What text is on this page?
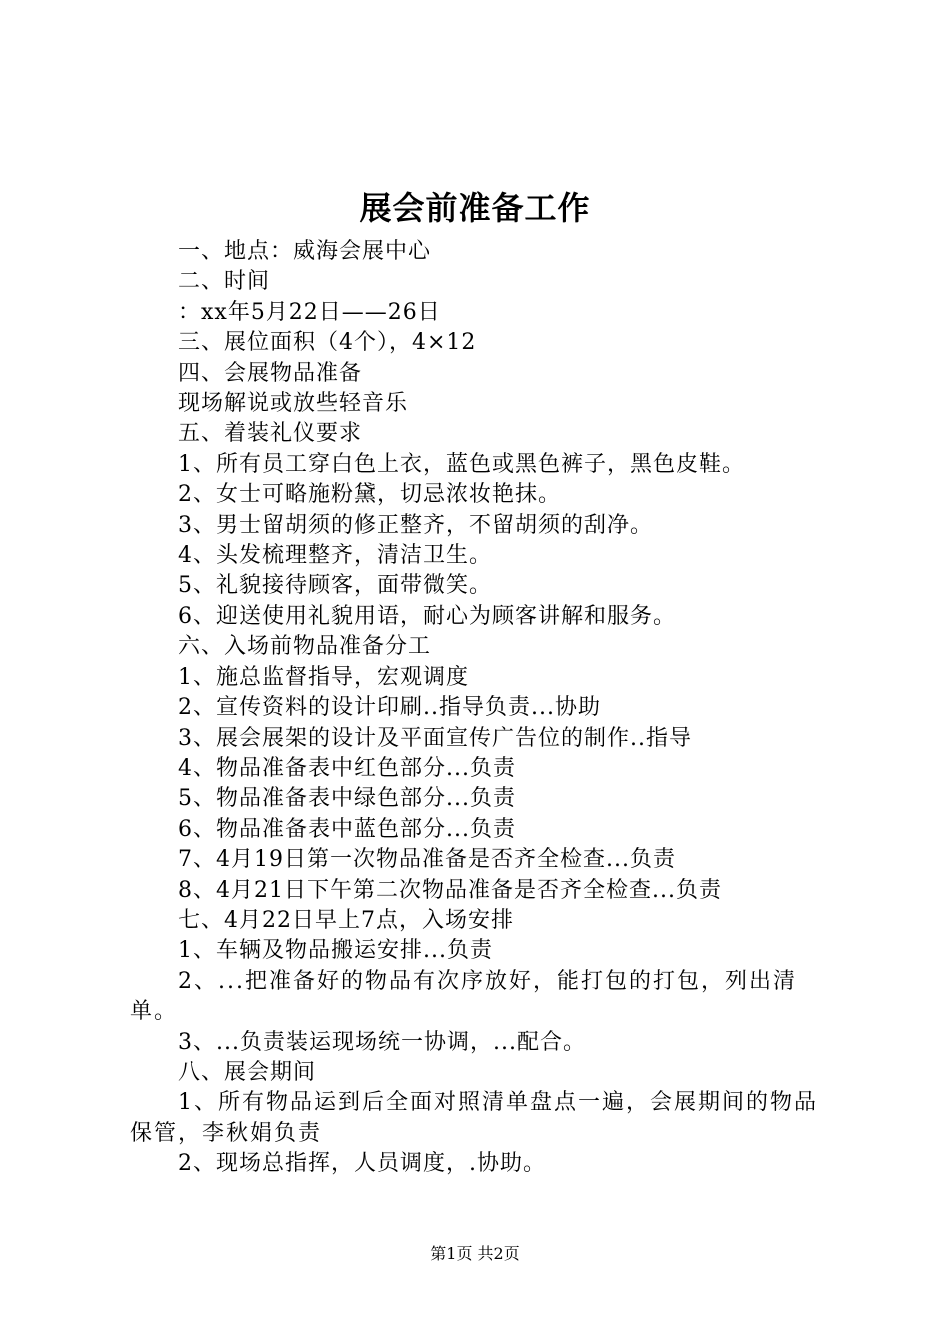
展会前准备工作
一、地点：威海会展中心
二、时间
：xx年5月22日——26日
三、展位面积（4个），4×12
四、会展物品准备
现场解说或放些轻音乐
五、着装礼仪要求
1、所有员工穿白色上衣，蓝色或黑色裤子，黑色皮鞋。
2、女士可略施粉黛，切忌浓妆艳抹。
3、男士留胡须的修正整齐，不留胡须的刮净。
4、头发梳理整齐，清洁卫生。
5、礼貌接待顾客，面带微笑。
6、迎送使用礼貌用语，耐心为顾客讲解和服务。
六、入场前物品准备分工
1、施总监督指导，宏观调度
2、宣传资料的设计印刷..指导负责...协助
3、展会展架的设计及平面宣传广告位的制作..指导
4、物品准备表中红色部分...负责
5、物品准备表中绿色部分...负责
6、物品准备表中蓝色部分...负责
7、4月19日第一次物品准备是否齐全检查...负责
8、4月21日下午第二次物品准备是否齐全检查...负责
七、4月22日早上7点，入场安排
1、车辆及物品搬运安排...负责
2、...把准备好的物品有次序放好，能打包的打包，列出清单。
3、...负责装运现场统一协调，...配合。
八、展会期间
1、所有物品运到后全面对照清单盘点一遍，会展期间的物品保管，李秋娟负责
2、现场总指挥，人员调度，.协助。
第1页 共2页
